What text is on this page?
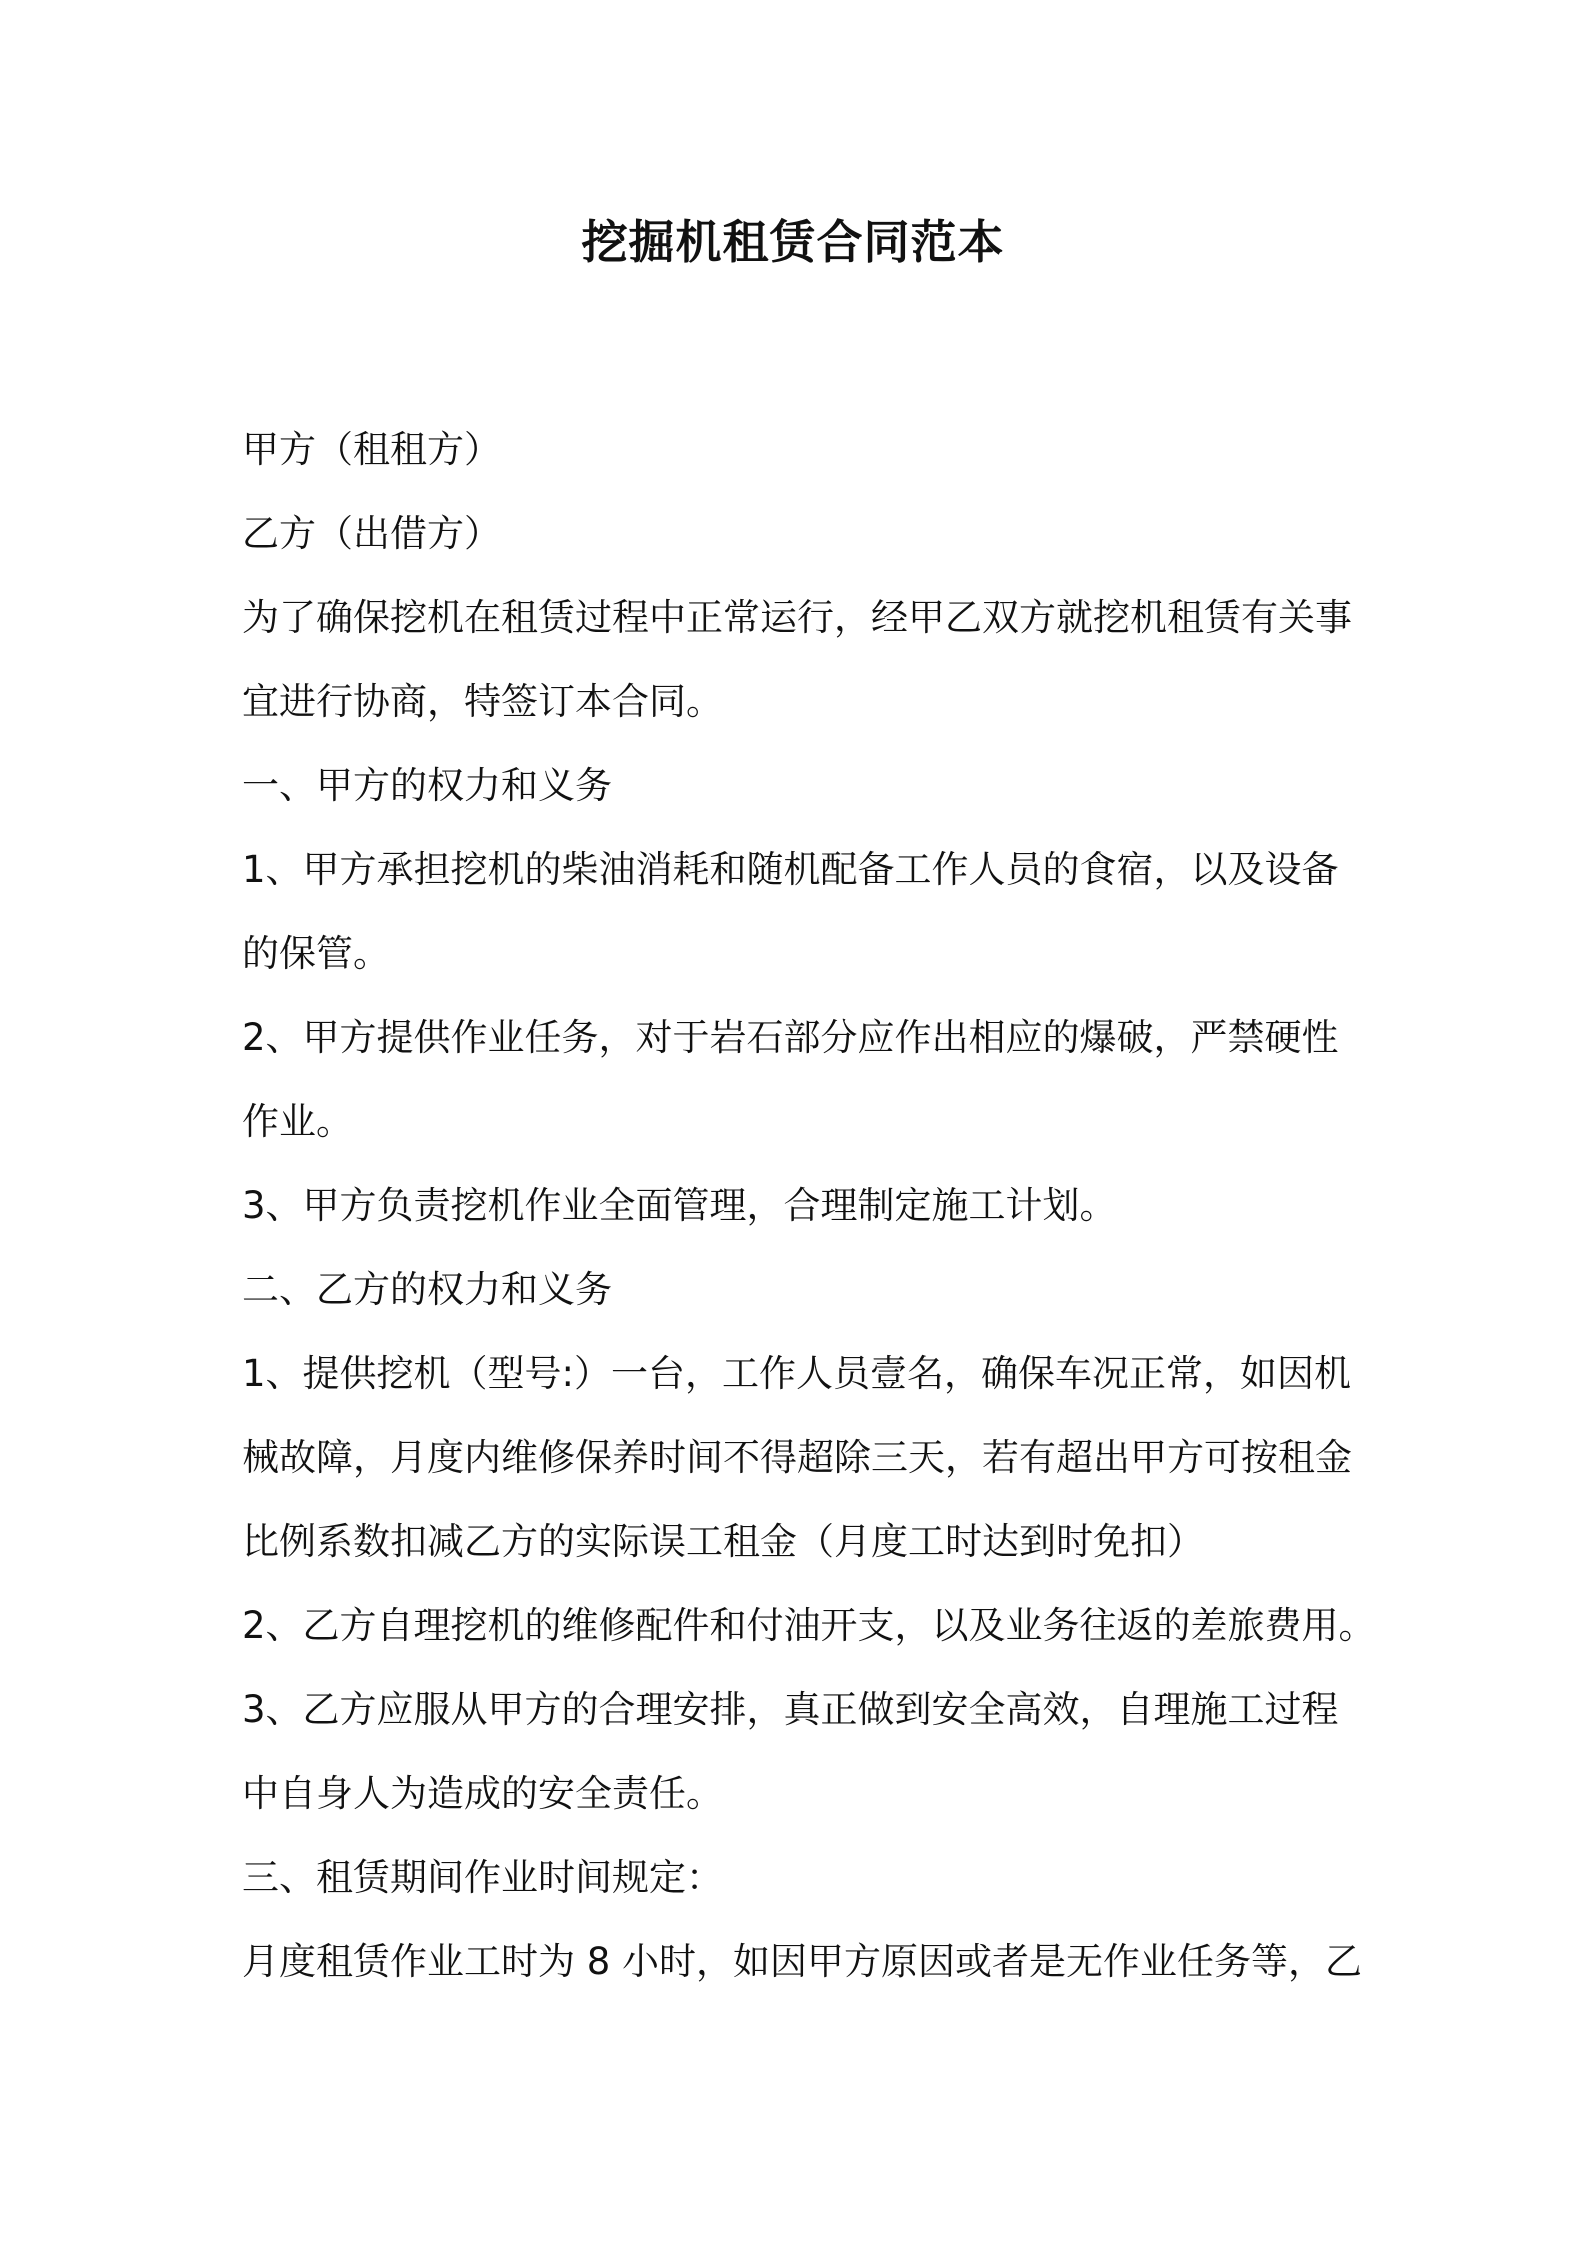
挖掘机租赁合同范本

甲方（租租方）

乙方（出借方）

为了确保挖机在租赁过程中正常运行，经甲乙双方就挖机租赁有关事

宜进行协商，特签订本合同。

一、甲方的权力和义务

1、甲方承担挖机的柴油消耗和随机配备工作人员的食宿，以及设备

的保管。

2、甲方提供作业任务，对于岩石部分应作出相应的爆破，严禁硬性

作业。

3、甲方负责挖机作业全面管理，合理制定施工计划。

二、乙方的权力和义务

1、提供挖机（型号:）一台，工作人员壹名，确保车况正常，如因机

械故障，月度内维修保养时间不得超除三天，若有超出甲方可按租金

比例系数扣减乙方的实际误工租金（月度工时达到时免扣）

2、乙方自理挖机的维修配件和付油开支，以及业务往返的差旅费用。

3、乙方应服从甲方的合理安排，真正做到安全高效，自理施工过程

中自身人为造成的安全责任。

三、租赁期间作业时间规定：

月度租赁作业工时为 8 小时，如因甲方原因或者是无作业任务等，乙
